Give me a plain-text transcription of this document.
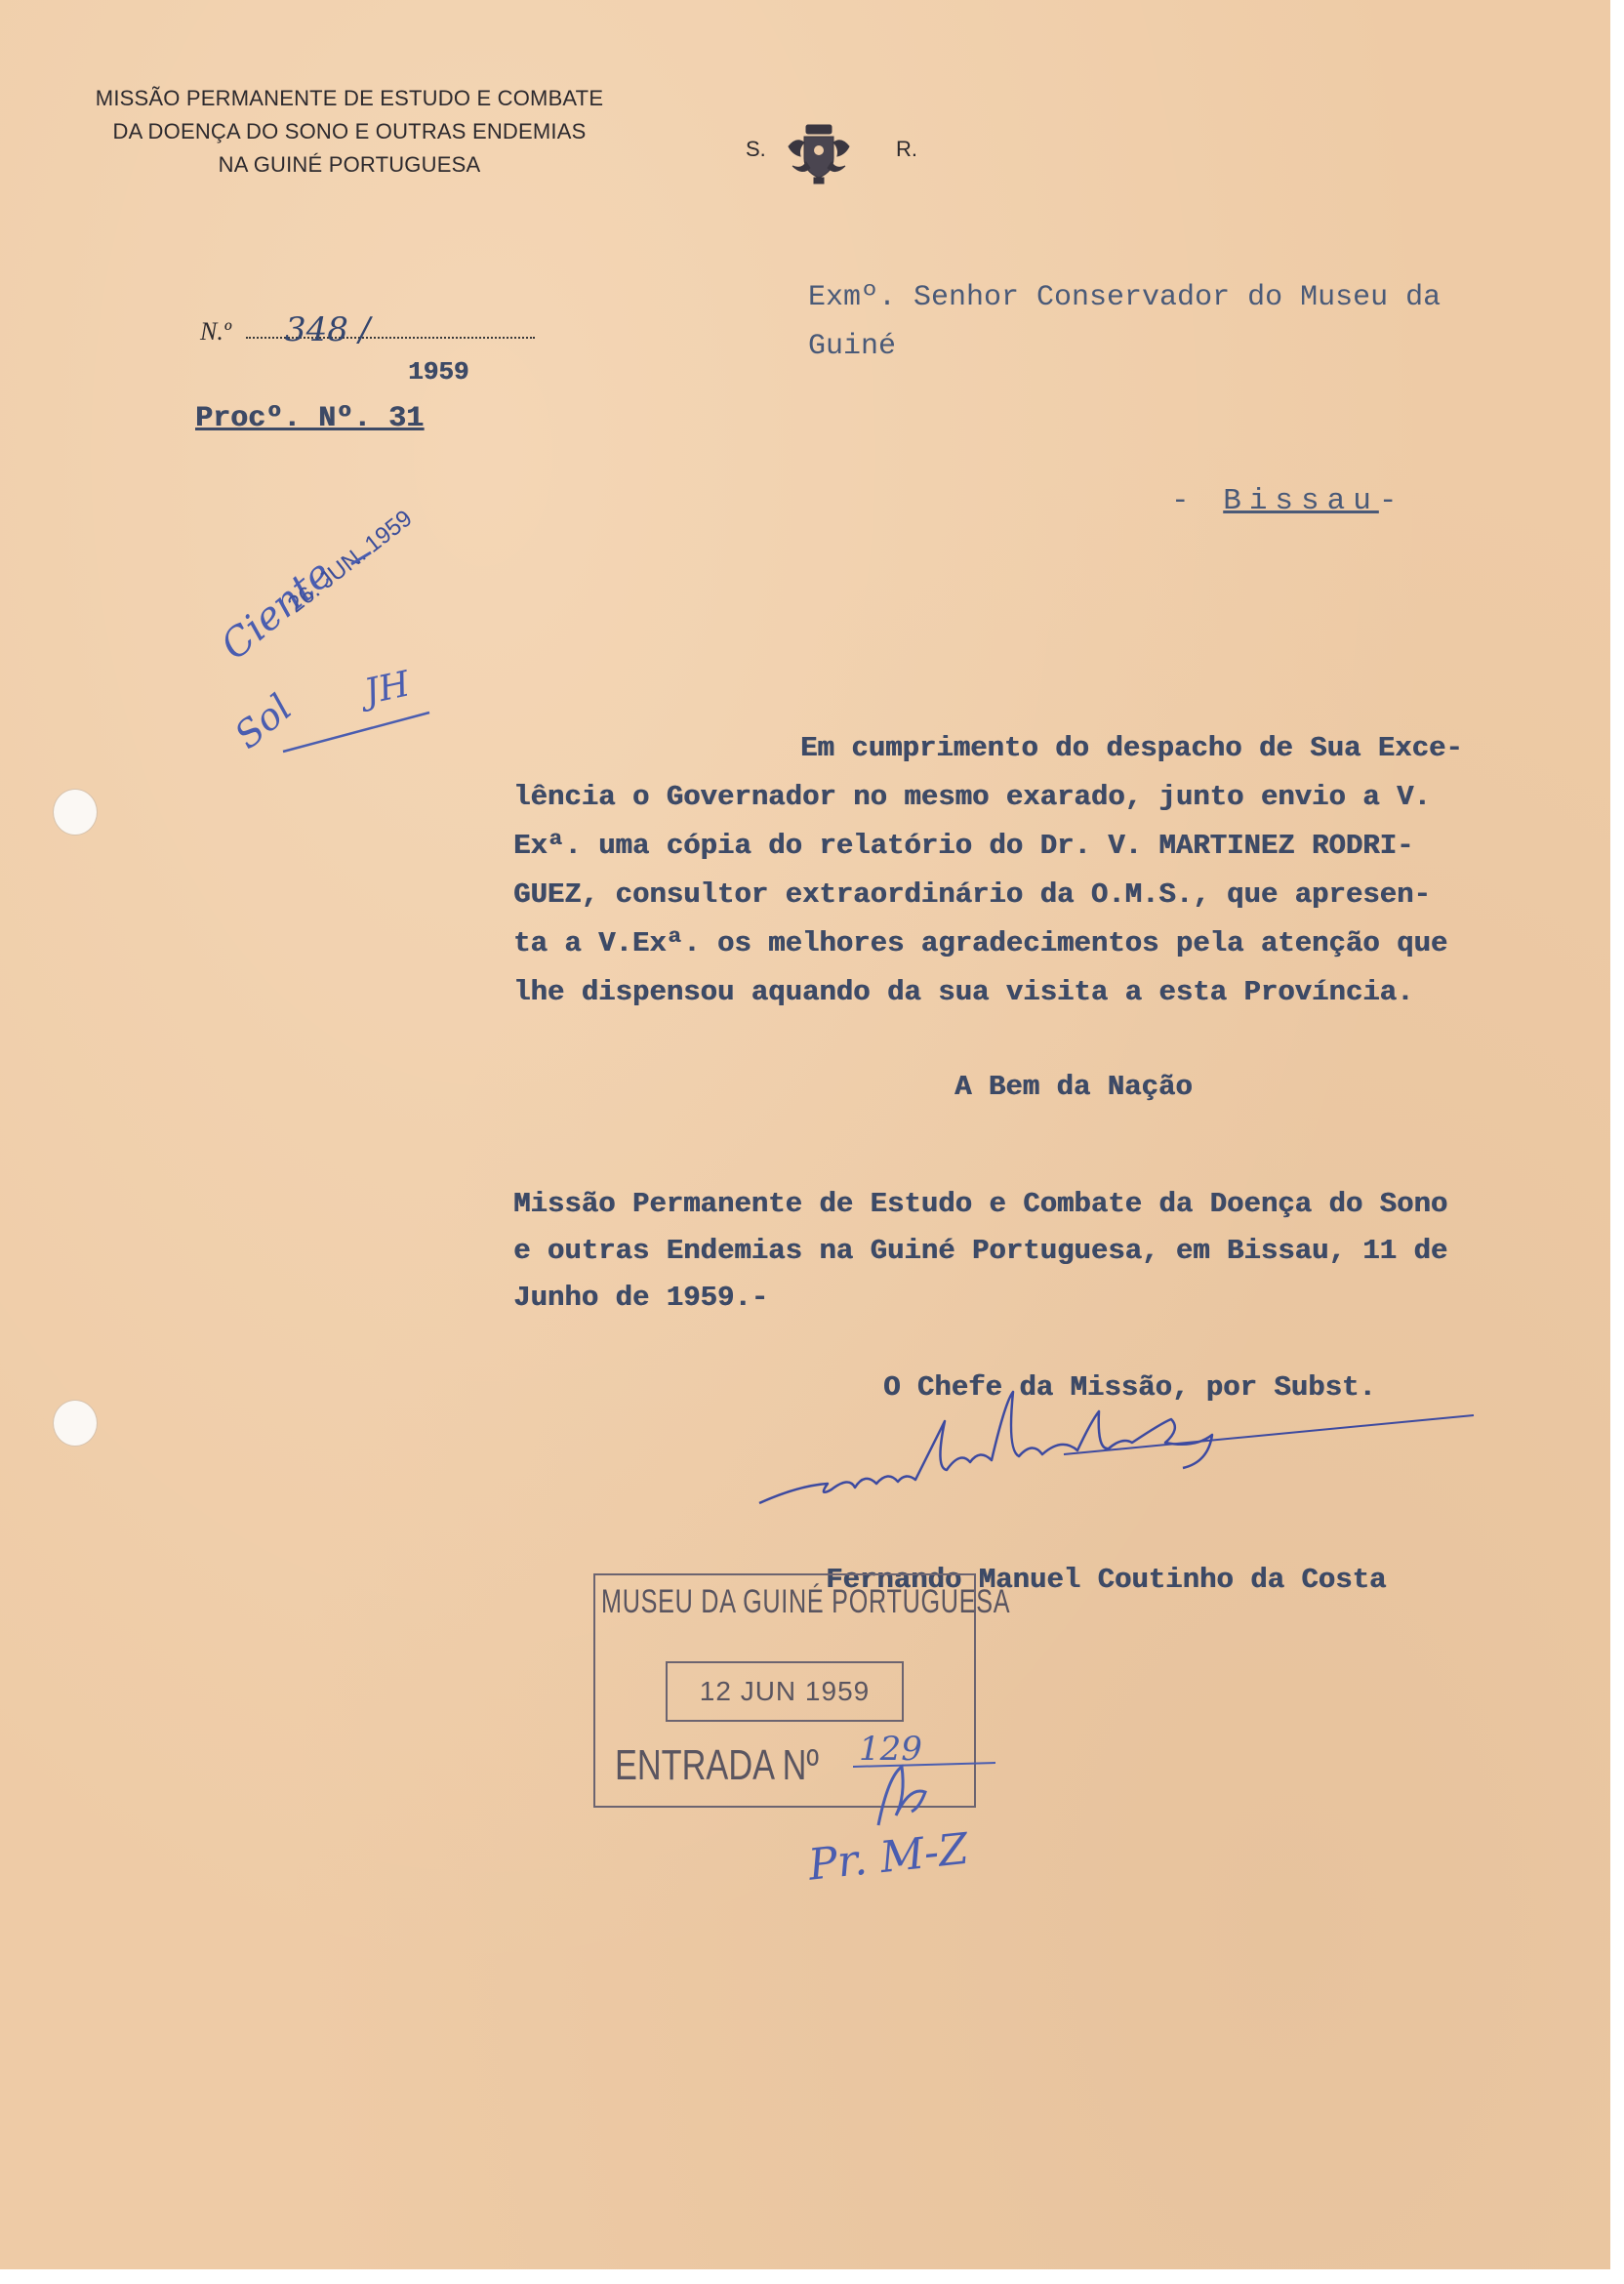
MISSÃO PERMANENTE DE ESTUDO E COMBATE
DA DOENÇA DO SONO E OUTRAS ENDEMIAS
NA GUINÉ PORTUGUESA
S.	R.
Exmº. Senhor Conservador do Museu da
Guiné
N.º 348 /
1959
Procº. Nº. 31
- Bissau-
Ciente
Sol
26. JUN. 1959
JH

Em cumprimento do despacho de Sua Exce-

lência o Governador no mesmo exarado, junto envio a V.

Exª. uma cópia do relatório do Dr. V. MARTINEZ RODRI-

GUEZ, consultor extraordinário da O.M.S., que apresen-

ta a V.Exª. os melhores agradecimentos pela atenção que

lhe dispensou aquando da sua visita a esta Província.

A Bem da Nação
Missão Permanente de Estudo e Combate da Doença do Sono
e outras Endemias na Guiné Portuguesa, em Bissau, 11 de
Junho de 1959.-
O Chefe da Missão, por Subst.
Fernando Manuel Coutinho da Costa
MUSEU DA GUINÉ PORTUGUESA
12 JUN 1959
ENTRADA Nº 129
Pr. M-Z
